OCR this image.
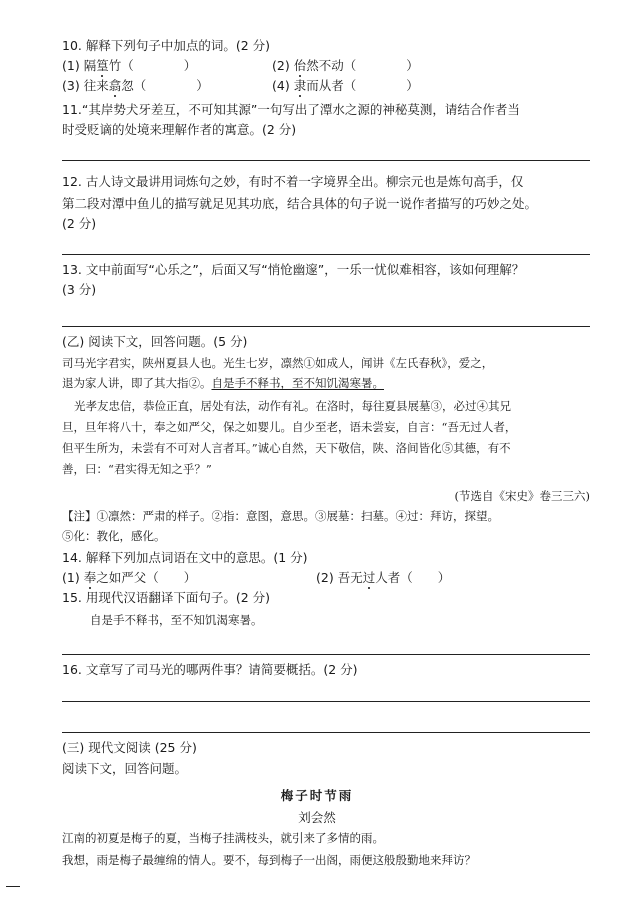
10. 解释下列句子中加点的词。(2 分)
(1) 隔篁竹（　　　　）	(2) 佁然不动（　　　　）
(3) 往来翕忽（　　　　）	(4) 隶而从者（　　　　）
11.“其岸势犬牙差互，不可知其源”一句写出了潭水之源的神秘莫测，请结合作者当
时受贬谪的处境来理解作者的寓意。(2 分)
12. 古人诗文最讲用词炼句之妙，有时不着一字境界全出。柳宗元也是炼句高手，仅
第二段对潭中鱼儿的描写就足见其功底，结合具体的句子说一说作者描写的巧妙之处。
(2 分)
13. 文中前面写“心乐之”，后面又写“悄怆幽邃”，一乐一忧似难相容，该如何理解？
(3 分)
(乙) 阅读下文，回答问题。(5 分)
司马光字君实，陕州夏县人也。光生七岁，凛然①如成人，闻讲《左氏春秋》，爱之，
退为家人讲，即了其大指②。自是手不释书，至不知饥渴寒暑。
光孝友忠信，恭俭正直，居处有法，动作有礼。在洛时，每往夏县展墓③，必过④其兄
旦，旦年将八十，奉之如严父，保之如婴儿。自少至老，语未尝妄，自言：“吾无过人者，
但平生所为，未尝有不可对人言者耳。”诚心自然，天下敬信，陕、洛间皆化⑤其德，有不
善，曰：“君实得无知之乎？”
(节选自《宋史》卷三三六)
【注】①凛然：严肃的样子。②指：意图，意思。③展墓：扫墓。④过：拜访，探望。
⑤化：教化，感化。
14. 解释下列加点词语在文中的意思。(1 分)
(1) 奉之如严父（　　）	(2) 吾无过人者（　　）
15. 用现代汉语翻译下面句子。(2 分)
自是手不释书，至不知饥渴寒暑。
16. 文章写了司马光的哪两件事？请简要概括。(2 分)
(三) 现代文阅读 (25 分)
阅读下文，回答问题。
梅子时节雨
刘会然
江南的初夏是梅子的夏，当梅子挂满枝头，就引来了多情的雨。
我想，雨是梅子最缠绵的情人。要不，每到梅子一出阁，雨便这般殷勤地来拜访？
